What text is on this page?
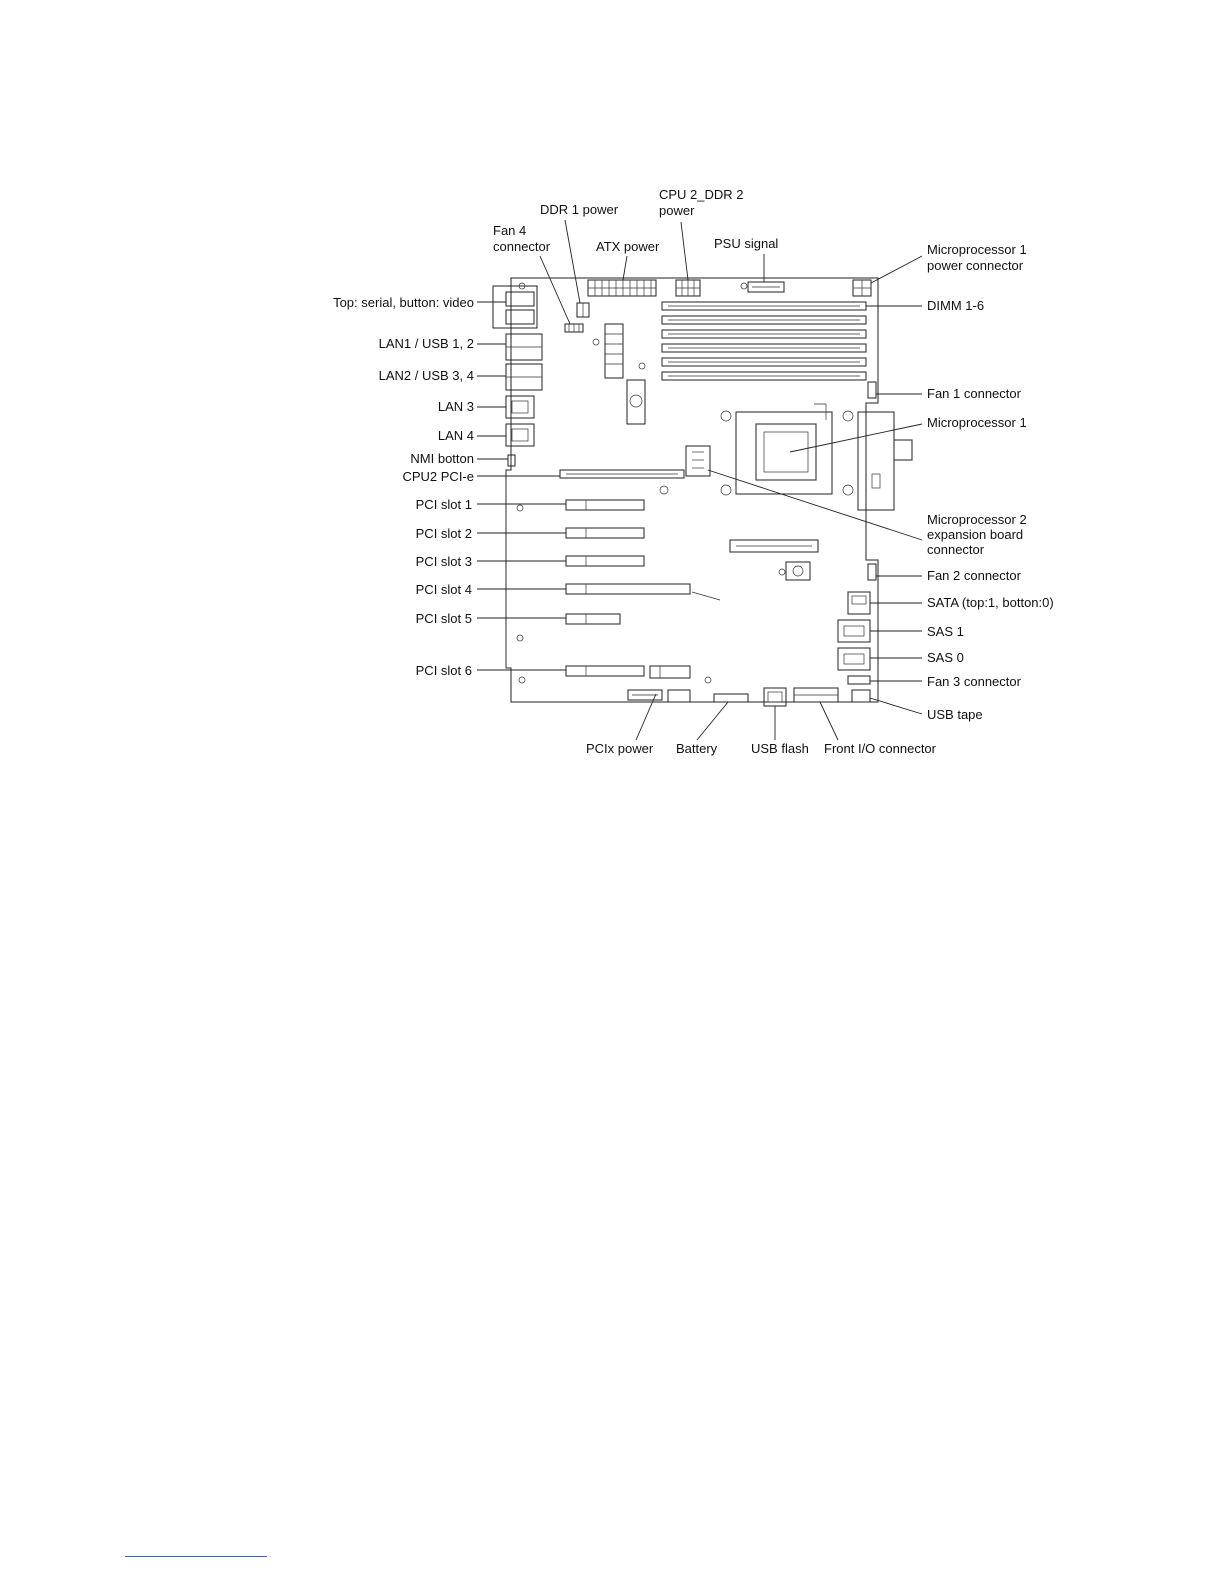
CPU 2_DDR 2
power
DDR 1 power
Fan 4
connector	ATX power	PSU signal	Microprocessor 1
power connector
DIMM 1-6
Top: serial, button: video
LAN1 / USB 1, 2
LAN2 / USB 3, 4
LAN 3
LAN 4
NMI botton
CPU2 PCI-e
PCI slot 1
PCI slot 2
PCI slot 3
PCI slot 4
PCI slot 5
PCI slot 6
Fan 1 connector
Microprocessor 1
Microprocessor 2
expansion board
connector
Fan 2 connector
SATA (top:1, botton:0)
SAS 1
SAS 0
Fan 3 connector
USB tape
PCIx power Battery	USB flash Front I/O connector
